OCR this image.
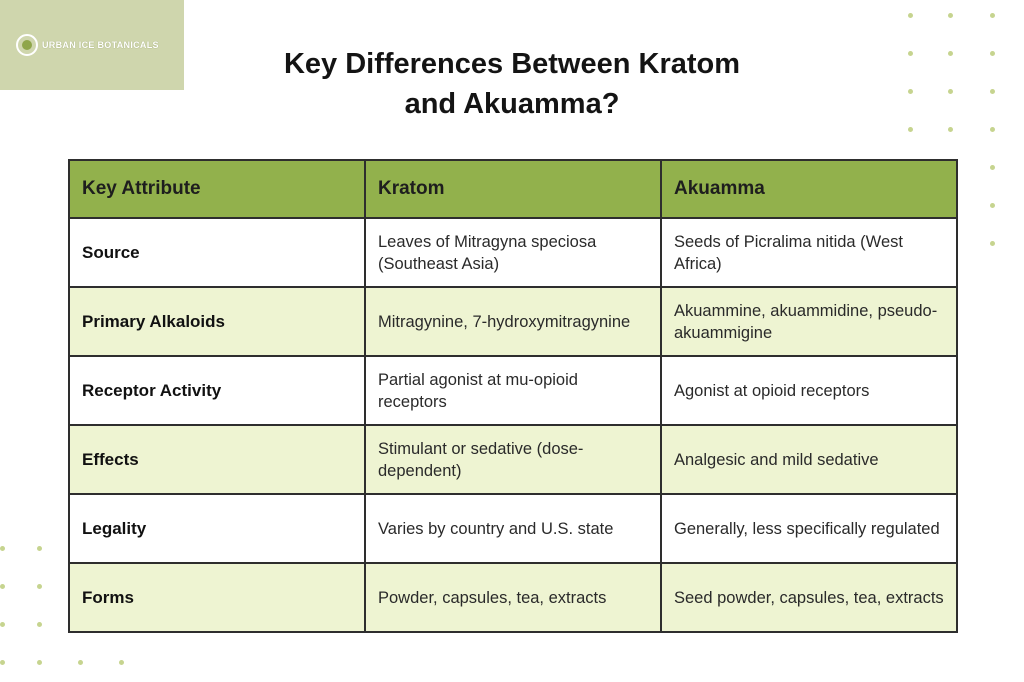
URBAN ICE BOTANICALS
Key Differences Between Kratom
and Akuamma?
Key Attribute	Kratom	Akuamma
Source	Leaves of Mitragyna speciosa (Southeast Asia)	Seeds of Picralima nitida (West Africa)
Primary Alkaloids	Mitragynine, 7-hydroxymitragynine	Akuammine, akuammidine, pseudo-akuammigine
Receptor Activity	Partial agonist at mu-opioid receptors	Agonist at opioid receptors
Effects	Stimulant or sedative (dose-dependent)	Analgesic and mild sedative
Legality	Varies by country and U.S. state	Generally, less specifically regulated
Forms	Powder, capsules, tea, extracts	Seed powder, capsules, tea, extracts
